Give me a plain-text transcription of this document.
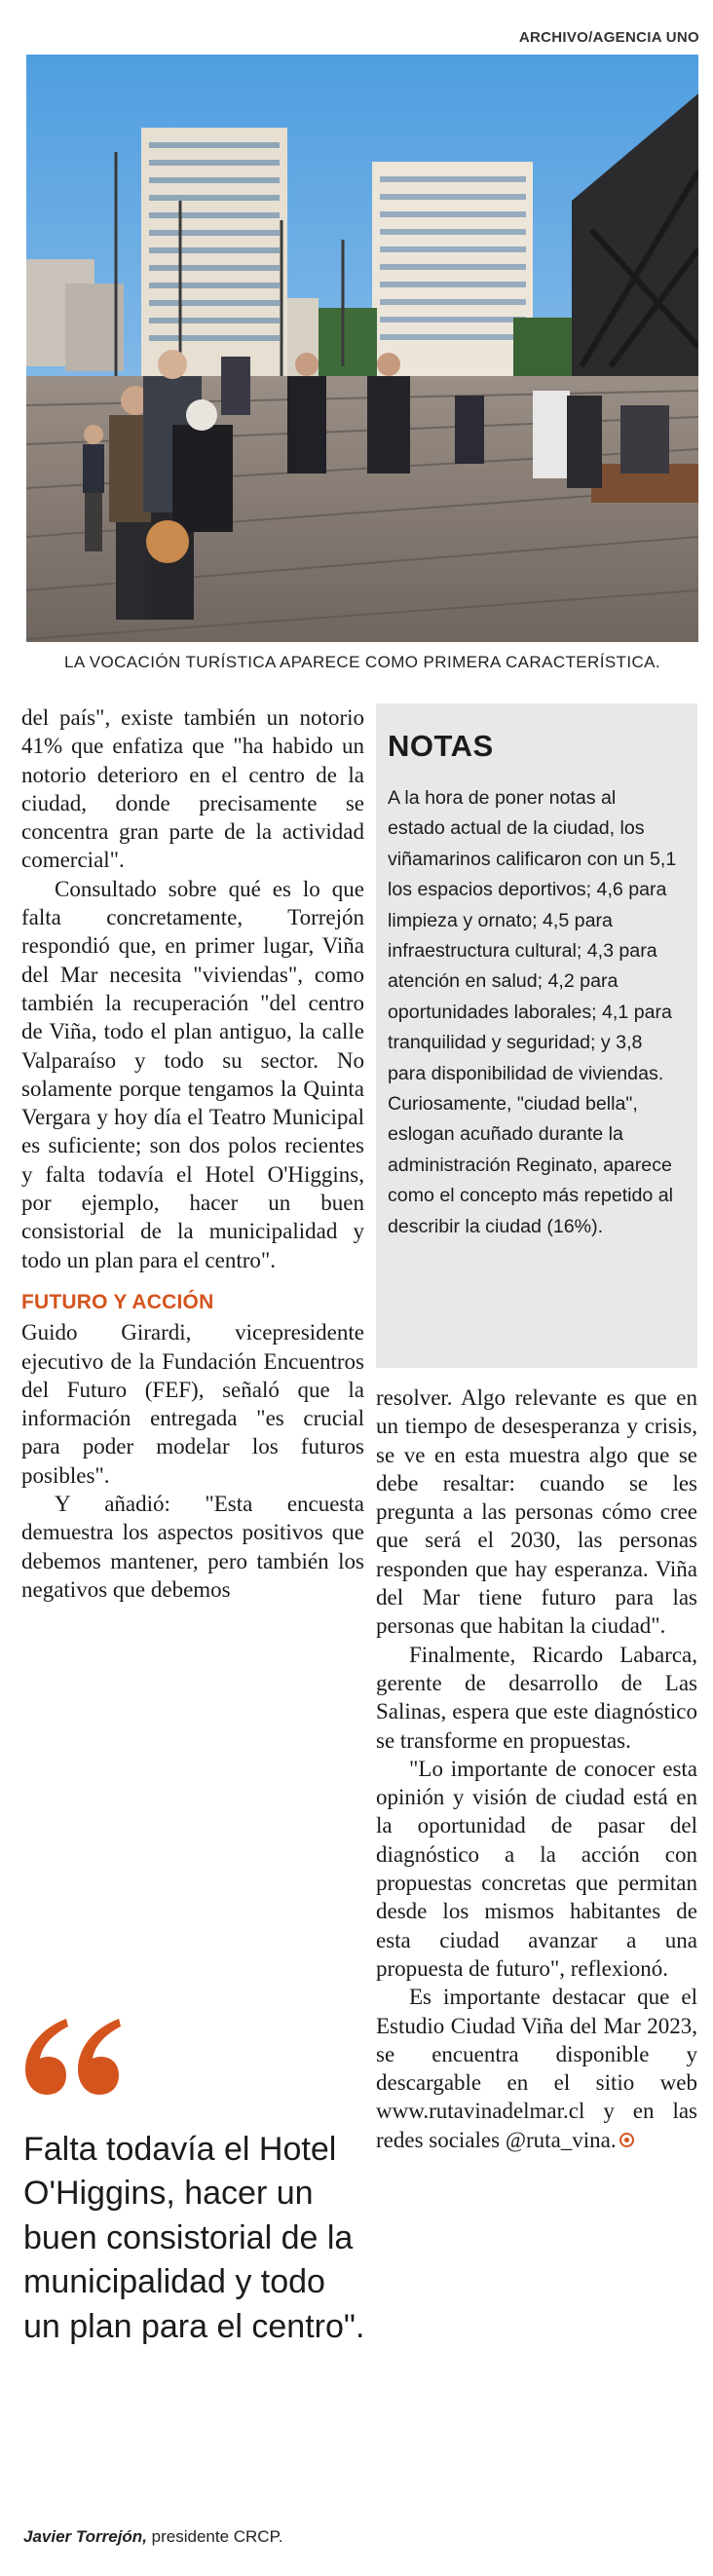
ARCHIVO/AGENCIA UNO
LA VOCACIÓN TURÍSTICA APARECE COMO PRIMERA CARACTERÍSTICA.

del país", existe también un notorio 41% que enfatiza que "ha habido un notorio deterioro en el centro de la ciudad, donde precisamente se concentra gran parte de la actividad comercial".

Consultado sobre qué es lo que falta concretamente, Torrejón respondió que, en primer lugar, Viña del Mar necesita "viviendas", como también la recuperación "del centro de Viña, todo el plan antiguo, la calle Valparaíso y todo su sector. No solamente porque tengamos la Quinta Vergara y hoy día el Teatro Municipal es suficiente; son dos polos recientes y falta todavía el Hotel O'Higgins, por ejemplo, hacer un buen consistorial de la municipalidad y todo un plan para el centro".

FUTURO Y ACCIÓN

Guido Girardi, vicepresidente ejecutivo de la Fundación Encuentros del Futuro (FEF), señaló que la información entregada "es crucial para poder modelar los futuros posibles".

Y añadió: "Esta encuesta demuestra los aspectos positivos que debemos mantener, pero también los negativos que debemos

NOTAS
A la hora de poner notas al estado actual de la ciudad, los viñamarinos calificaron con un 5,1 los espacios deportivos; 4,6 para limpieza y ornato; 4,5 para infraestructura cultural; 4,3 para atención en salud; 4,2 para oportunidades laborales; 4,1 para tranquilidad y seguridad; y 3,8 para disponibilidad de viviendas. Curiosamente, "ciudad bella", eslogan acuñado durante la administración Reginato, aparece como el concepto más repetido al describir la ciudad (16%).

resolver. Algo relevante es que en un tiempo de desesperanza y crisis, se ve en esta muestra algo que se debe resaltar: cuando se les pregunta a las personas cómo cree que será el 2030, las personas responden que hay esperanza. Viña del Mar tiene futuro para las personas que habitan la ciudad".

Finalmente, Ricardo Labarca, gerente de desarrollo de Las Salinas, espera que este diagnóstico se transforme en propuestas.

"Lo importante de conocer esta opinión y visión de ciudad está en la oportunidad de pasar del diagnóstico a la acción con propuestas concretas que permitan desde los mismos habitantes de esta ciudad avanzar a una propuesta de futuro", reflexionó.

Es importante destacar que el Estudio Ciudad Viña del Mar 2023, se encuentra disponible y descargable en el sitio web www.rutavinadelmar.cl y en las redes sociales @ruta_vina.

Falta todavía el Hotel O'Higgins, hacer un buen consistorial de la municipalidad y todo un plan para el centro".
Javier Torrejón, presidente CRCP.
